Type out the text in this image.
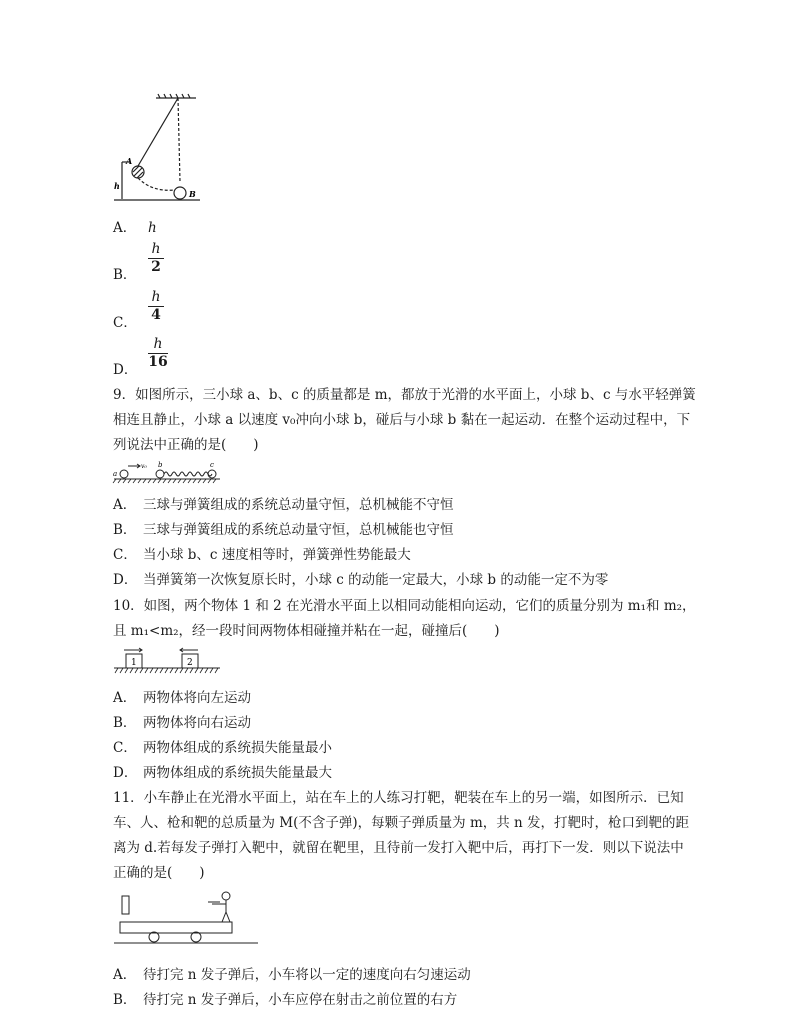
A
B
h
A． h
B．
h
2
C．
h
4
D．
h
16
9．如图所示，三小球 a、b、c 的质量都是 m，都放于光滑的水平面上，小球 b、c 与水平轻弹簧
相连且静止，小球 a 以速度 v₀冲向小球 b，碰后与小球 b 黏在一起运动．在整个运动过程中，下
列说法中正确的是(　　)
a
v₀ b	c
A． 三球与弹簧组成的系统总动量守恒，总机械能不守恒
B． 三球与弹簧组成的系统总动量守恒，总机械能也守恒
C． 当小球 b、c 速度相等时，弹簧弹性势能最大
D． 当弹簧第一次恢复原长时，小球 c 的动能一定最大，小球 b 的动能一定不为零
10．如图，两个物体 1 和 2 在光滑水平面上以相同动能相向运动，它们的质量分别为 m₁和 m₂，
且 m₁<m₂，经一段时间两物体相碰撞并粘在一起，碰撞后(　　)
1	2
A． 两物体将向左运动
B． 两物体将向右运动
C． 两物体组成的系统损失能量最小
D． 两物体组成的系统损失能量最大
11．小车静止在光滑水平面上，站在车上的人练习打靶，靶装在车上的另一端，如图所示．已知
车、人、枪和靶的总质量为 M(不含子弹)，每颗子弹质量为 m，共 n 发，打靶时，枪口到靶的距
离为 d.若每发子弹打入靶中，就留在靶里，且待前一发打入靶中后，再打下一发．则以下说法中
正确的是(　　)
A． 待打完 n 发子弹后，小车将以一定的速度向右匀速运动
B． 待打完 n 发子弹后，小车应停在射击之前位置的右方
